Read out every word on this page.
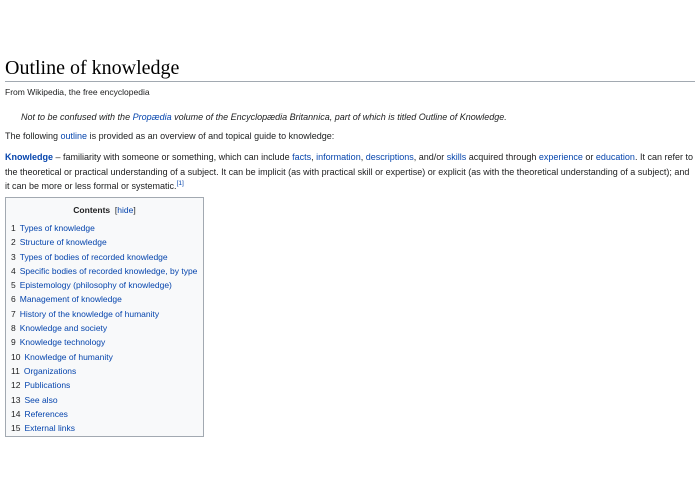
Outline of knowledge
From Wikipedia, the free encyclopedia
Not to be confused with the Propædia volume of the Encyclopædia Britannica, part of which is titled Outline of Knowledge.
The following outline is provided as an overview of and topical guide to knowledge:

Knowledge – familiarity with someone or something, which can include facts, information, descriptions, and/or skills acquired through experience or education. It can refer to the theoretical or practical understanding of a subject. It can be implicit (as with practical skill or expertise) or explicit (as with the theoretical understanding of a subject); and it can be more or less formal or systematic.[1]

Contents [hide]
1 Types of knowledge
2 Structure of knowledge
3 Types of bodies of recorded knowledge
4 Specific bodies of recorded knowledge, by type
5 Epistemology (philosophy of knowledge)
6 Management of knowledge
7 History of the knowledge of humanity
8 Knowledge and society
9 Knowledge technology
10 Knowledge of humanity
11 Organizations
12 Publications
13 See also
14 References
15 External links
